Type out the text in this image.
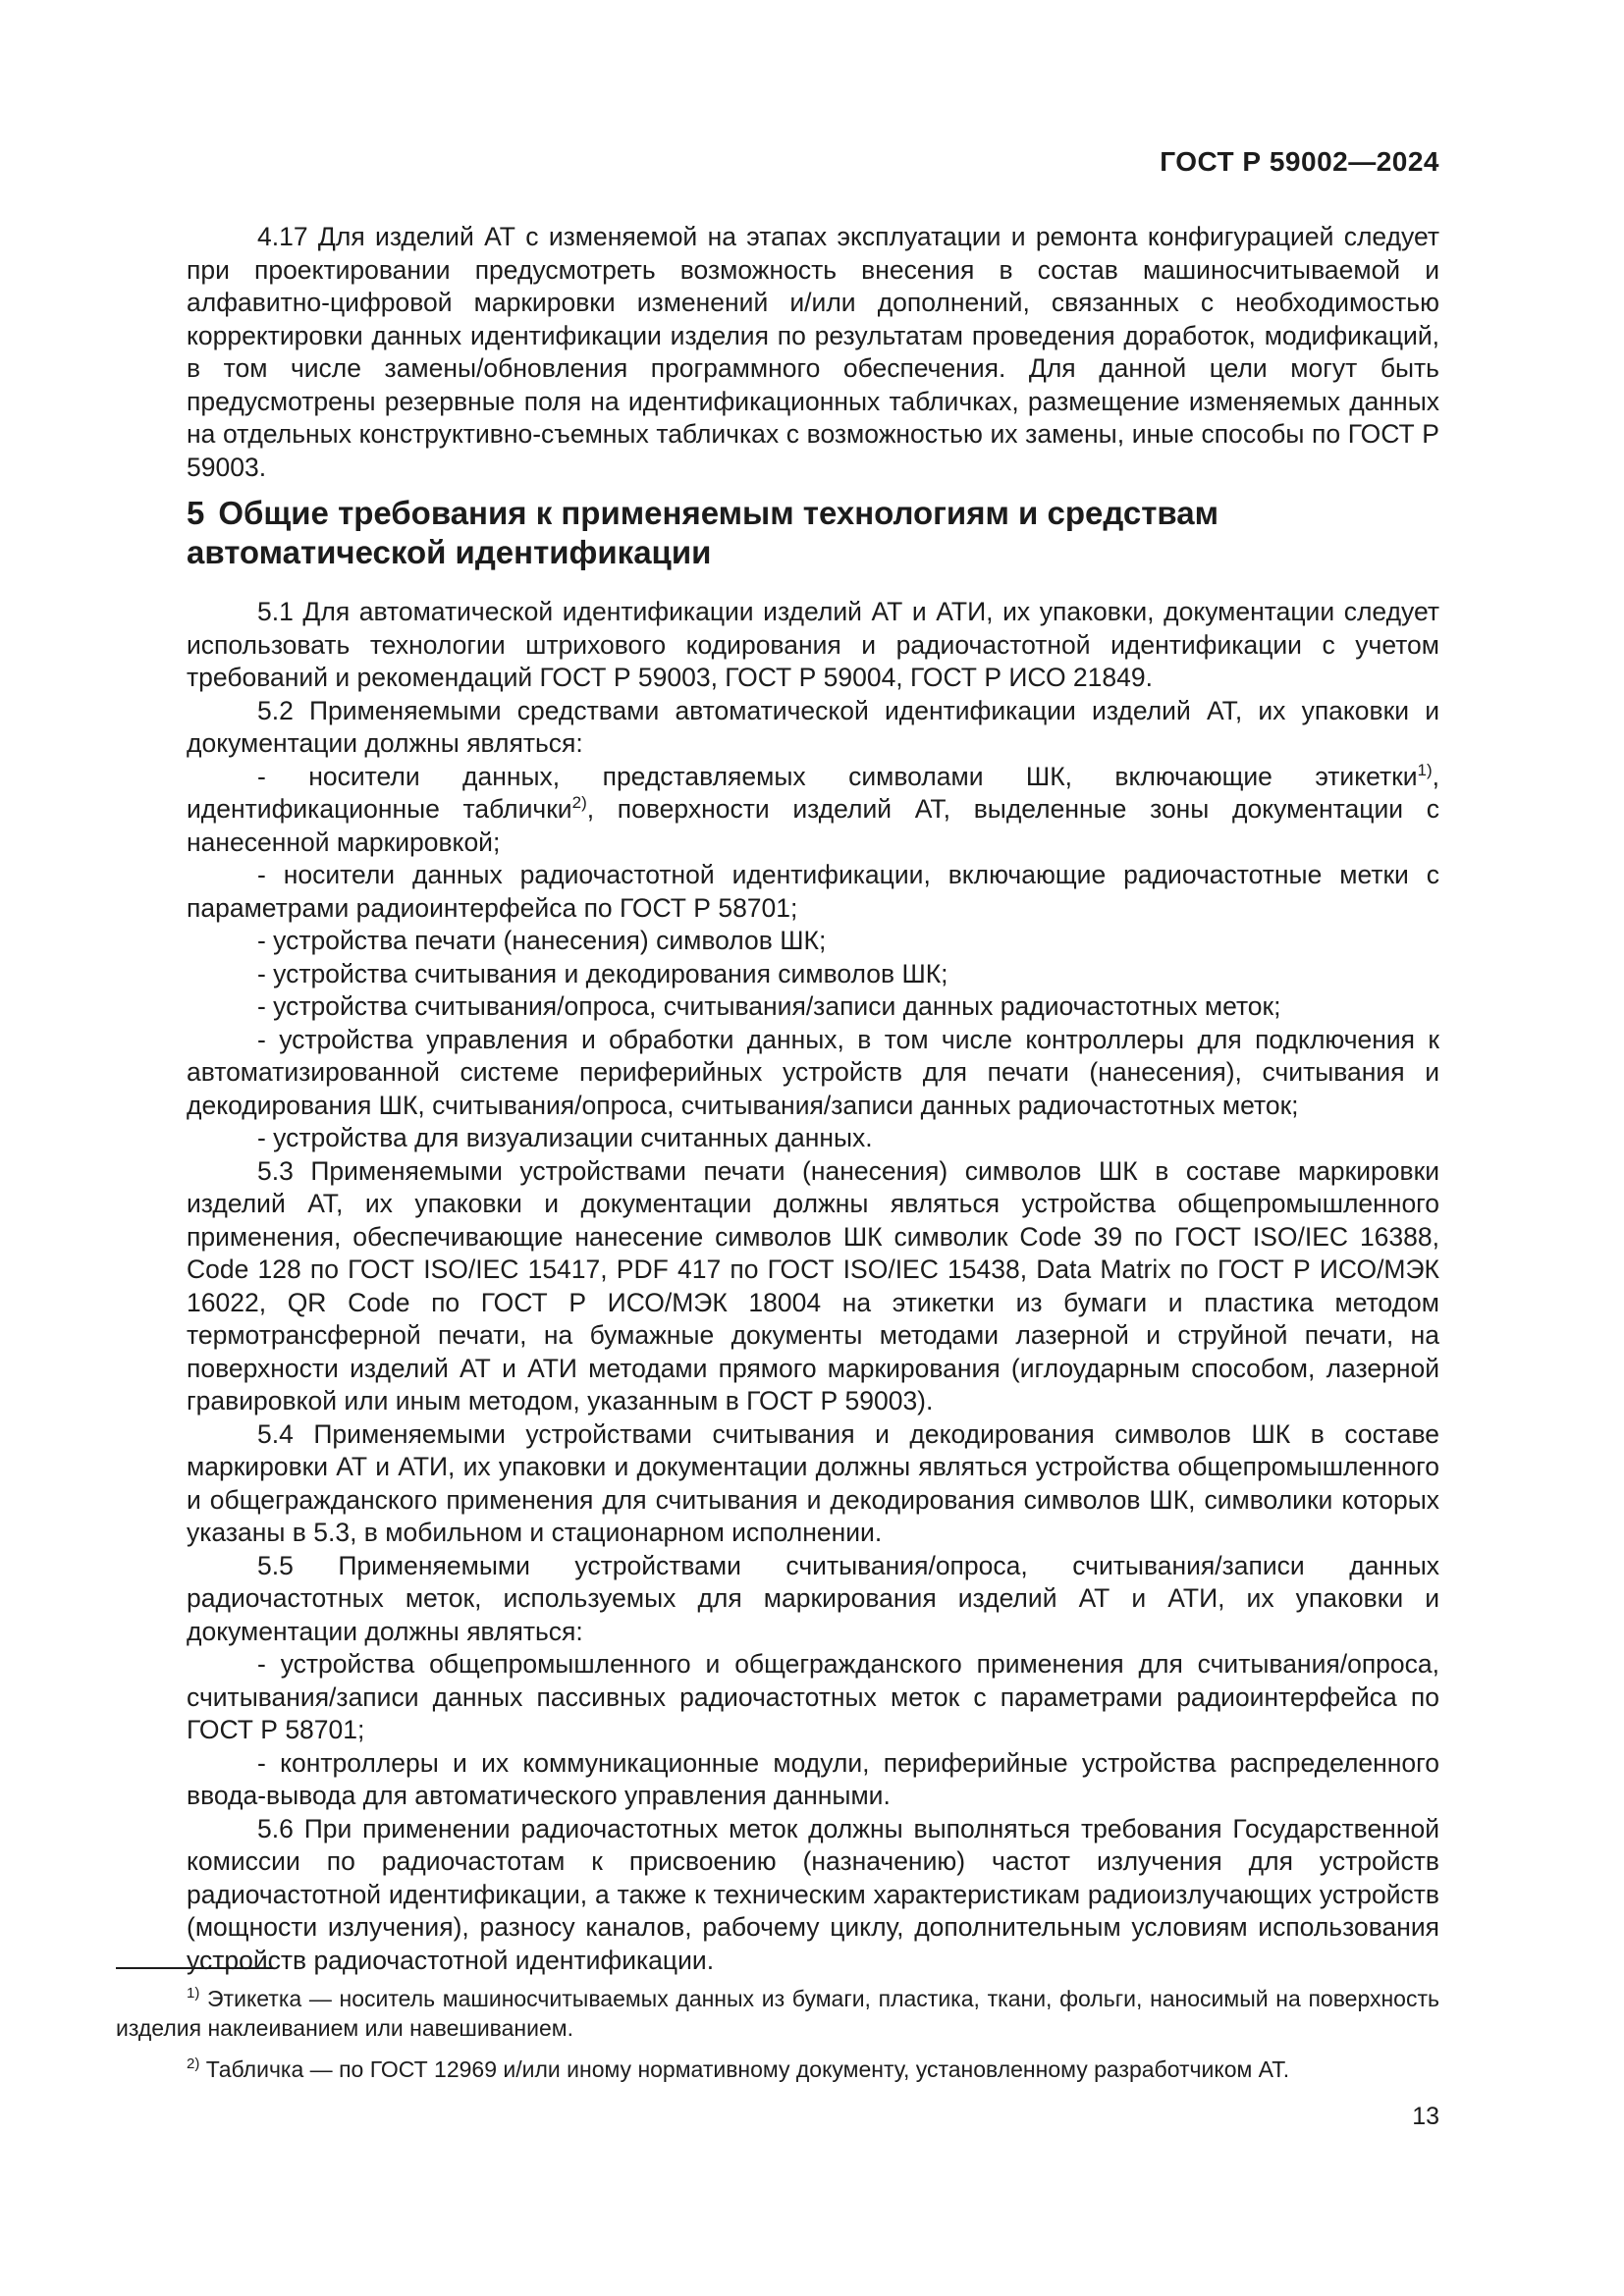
ГОСТ Р 59002—2024

4.17 Для изделий АТ с изменяемой на этапах эксплуатации и ремонта конфигурацией следует при проектировании предусмотреть возможность внесения в состав машиносчитываемой и алфавитно-цифровой маркировки изменений и/или дополнений, связанных с необходимостью корректировки данных идентификации изделия по результатам проведения доработок, модификаций, в том числе замены/обновления программного обеспечения. Для данной цели могут быть предусмотрены резервные поля на идентификационных табличках, размещение изменяемых данных на отдельных конструктивно-съемных табличках с возможностью их замены, иные способы по ГОСТ Р 59003.

5 Общие требования к применяемым технологиям и средствам автоматической идентификации

5.1 Для автоматической идентификации изделий АТ и АТИ, их упаковки, документации следует использовать технологии штрихового кодирования и радиочастотной идентификации с учетом требований и рекомендаций ГОСТ Р 59003, ГОСТ Р 59004, ГОСТ Р ИСО 21849.

5.2 Применяемыми средствами автоматической идентификации изделий АТ, их упаковки и документации должны являться:

- носители данных, представляемых символами ШК, включающие этикетки$^{1)}$, идентификационные таблички$^{2)}$, поверхности изделий АТ, выделенные зоны документации с нанесенной маркировкой;

- носители данных радиочастотной идентификации, включающие радиочастотные метки с параметрами радиоинтерфейса по ГОСТ Р 58701;

- устройства печати (нанесения) символов ШК;

- устройства считывания и декодирования символов ШК;

- устройства считывания/опроса, считывания/записи данных радиочастотных меток;

- устройства управления и обработки данных, в том числе контроллеры для подключения к автоматизированной системе периферийных устройств для печати (нанесения), считывания и декодирования ШК, считывания/опроса, считывания/записи данных радиочастотных меток;

- устройства для визуализации считанных данных.

5.3 Применяемыми устройствами печати (нанесения) символов ШК в составе маркировки изделий АТ, их упаковки и документации должны являться устройства общепромышленного применения, обеспечивающие нанесение символов ШК символик Code 39 по ГОСТ ISO/IEC 16388, Code 128 по ГОСТ ISO/IEC 15417, PDF 417 по ГОСТ ISO/IEC 15438, Data Matrix по ГОСТ Р ИСО/МЭК 16022, QR Code по ГОСТ Р ИСО/МЭК 18004 на этикетки из бумаги и пластика методом термотрансферной печати, на бумажные документы методами лазерной и струйной печати, на поверхности изделий АТ и АТИ методами прямого маркирования (иглоударным способом, лазерной гравировкой или иным методом, указанным в ГОСТ Р 59003).

5.4 Применяемыми устройствами считывания и декодирования символов ШК в составе маркировки АТ и АТИ, их упаковки и документации должны являться устройства общепромышленного и общегражданского применения для считывания и декодирования символов ШК, символики которых указаны в 5.3, в мобильном и стационарном исполнении.

5.5 Применяемыми устройствами считывания/опроса, считывания/записи данных радиочастотных меток, используемых для маркирования изделий АТ и АТИ, их упаковки и документации должны являться:

- устройства общепромышленного и общегражданского применения для считывания/опроса, считывания/записи данных пассивных радиочастотных меток с параметрами радиоинтерфейса по ГОСТ Р 58701;

- контроллеры и их коммуникационные модули, периферийные устройства распределенного ввода-вывода для автоматического управления данными.

5.6 При применении радиочастотных меток должны выполняться требования Государственной комиссии по радиочастотам к присвоению (назначению) частот излучения для устройств радиочастотной идентификации, а также к техническим характеристикам радиоизлучающих устройств (мощности излучения), разносу каналов, рабочему циклу, дополнительным условиям использования устройств радиочастотной идентификации.

$^{1)}$ Этикетка — носитель машиносчитываемых данных из бумаги, пластика, ткани, фольги, наносимый на поверхность изделия наклеиванием или навешиванием.

$^{2)}$ Табличка — по ГОСТ 12969 и/или иному нормативному документу, установленному разработчиком АТ.

13
